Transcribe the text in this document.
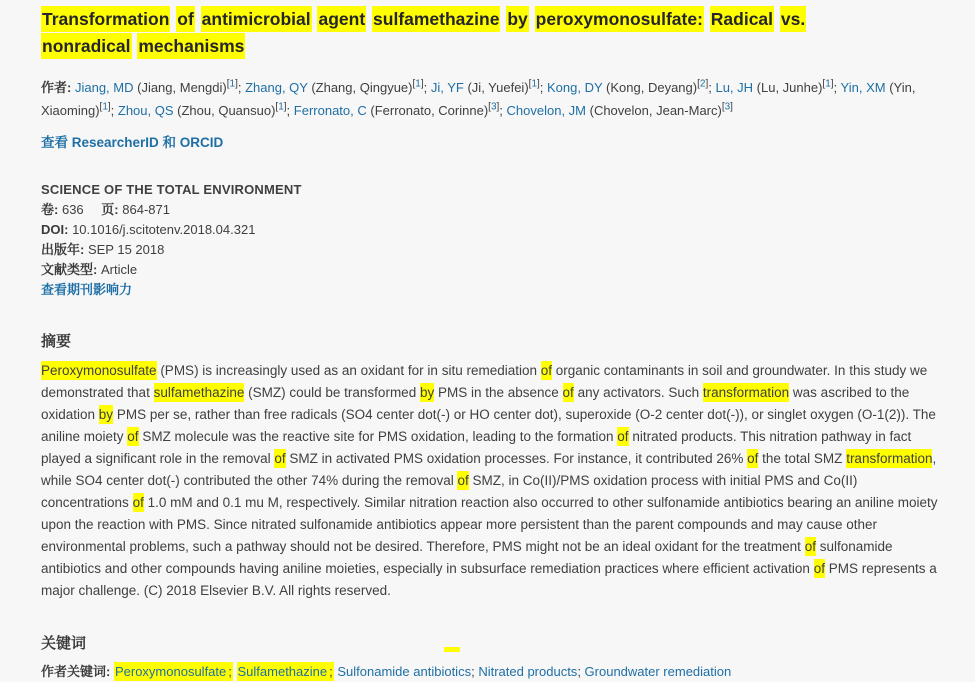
Transformation of antimicrobial agent sulfamethazine by peroxymonosulfate: Radical vs. nonradical mechanisms

作者: Jiang, MD (Jiang, Mengdi)[1]; Zhang, QY (Zhang, Qingyue)[1]; Ji, YF (Ji, Yuefei)[1]; Kong, DY (Kong, Deyang)[2]; Lu, JH (Lu, Junhe)[1]; Yin, XM (Yin, Xiaoming)[1]; Zhou, QS (Zhou, Quansuo)[1]; Ferronato, C (Ferronato, Corinne)[3]; Chovelon, JM (Chovelon, Jean-Marc)[3]

查看 ResearcherID 和 ORCID

SCIENCE OF THE TOTAL ENVIRONMENT

卷: 636 页: 864-871

DOI: 10.1016/j.scitotenv.2018.04.321

出版年: SEP 15 2018

文献类型: Article

查看期刊影响力

摘要

Peroxymonosulfate (PMS) is increasingly used as an oxidant for in situ remediation of organic contaminants in soil and groundwater. In this study we demonstrated that sulfamethazine (SMZ) could be transformed by PMS in the absence of any activators. Such transformation was ascribed to the oxidation by PMS per se, rather than free radicals (SO4 center dot(-) or HO center dot), superoxide (O-2 center dot(-)), or singlet oxygen (O-1(2)). The aniline moiety of SMZ molecule was the reactive site for PMS oxidation, leading to the formation of nitrated products. This nitration pathway in fact played a significant role in the removal of SMZ in activated PMS oxidation processes. For instance, it contributed 26% of the total SMZ transformation, while SO4 center dot(-) contributed the other 74% during the removal of SMZ, in Co(II)/PMS oxidation process with initial PMS and Co(II) concentrations of 1.0 mM and 0.1 mu M, respectively. Similar nitration reaction also occurred to other sulfonamide antibiotics bearing an aniline moiety upon the reaction with PMS. Since nitrated sulfonamide antibiotics appear more persistent than the parent compounds and may cause other environmental problems, such a pathway should not be desired. Therefore, PMS might not be an ideal oxidant for the treatment of sulfonamide antibiotics and other compounds having aniline moieties, especially in subsurface remediation practices where efficient activation of PMS represents a major challenge. (C) 2018 Elsevier B.V. All rights reserved.

关键词

作者关键词: Peroxymonosulfate ; Sulfamethazine ; Sulfonamide antibiotics; Nitrated products; Groundwater remediation
